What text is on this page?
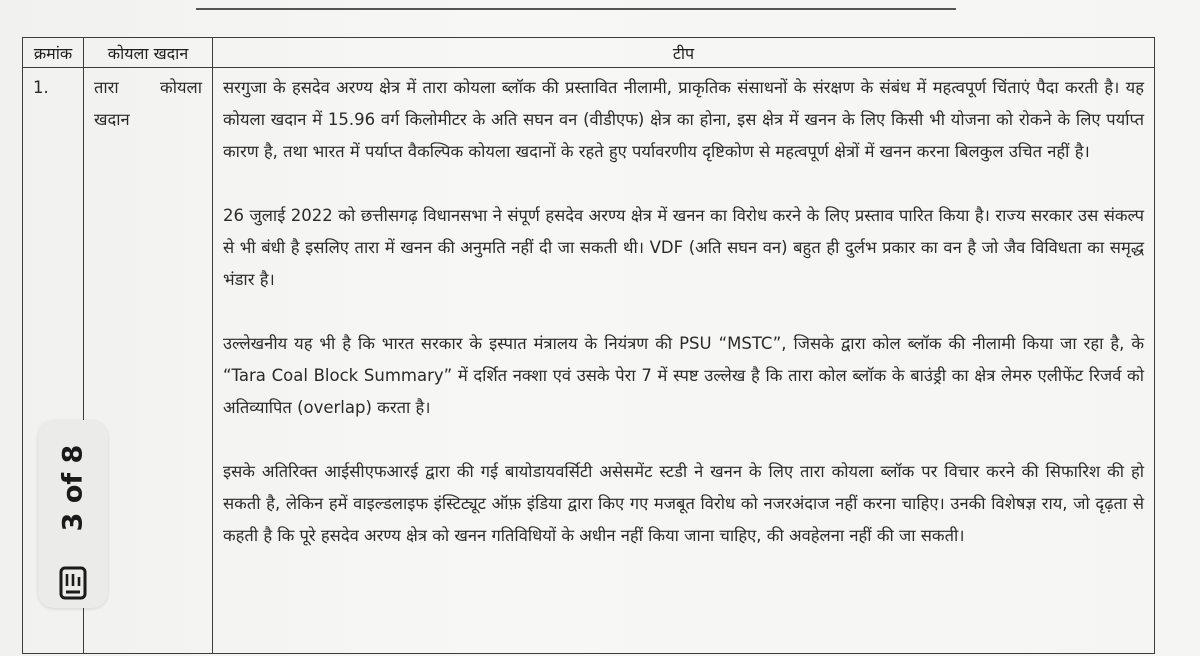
क्रमांक	कोयला खदान	टीप
1.	तारा कोयला खदान	सरगुजा के हसदेव अरण्य क्षेत्र में तारा कोयला ब्लॉक की प्रस्तावित नीलामी, प्राकृतिक संसाधनों के संरक्षण के संबंध में महत्वपूर्ण चिंताएं पैदा करती है। यह कोयला खदान में 15.96 वर्ग किलोमीटर के अति सघन वन (वीडीएफ) क्षेत्र का होना, इस क्षेत्र में खनन के लिए किसी भी योजना को रोकने के लिए पर्याप्त कारण है, तथा भारत में पर्याप्त वैकल्पिक कोयला खदानों के रहते हुए पर्यावरणीय दृष्टिकोण से महत्वपूर्ण क्षेत्रों में खनन करना बिलकुल उचित नहीं है।

26 जुलाई 2022 को छत्तीसगढ़ विधानसभा ने संपूर्ण हसदेव अरण्य क्षेत्र में खनन का विरोध करने के लिए प्रस्ताव पारित किया है। राज्य सरकार उस संकल्प से भी बंधी है इसलिए तारा में खनन की अनुमति नहीं दी जा सकती थी। VDF (अति सघन वन) बहुत ही दुर्लभ प्रकार का वन है जो जैव विविधता का समृद्ध भंडार है।

उल्लेखनीय यह भी है कि भारत सरकार के इस्पात मंत्रालय के नियंत्रण की PSU “MSTC”, जिसके द्वारा कोल ब्लॉक की नीलामी किया जा रहा है, के “Tara Coal Block Summary” में दर्शित नक्शा एवं उसके पेरा 7 में स्पष्ट उल्लेख है कि तारा कोल ब्लॉक के बाउंड्री का क्षेत्र लेमरु एलीफेंट रिजर्व को अतिव्यापित (overlap) करता है।

इसके अतिरिक्त आईसीएफआरई द्वारा की गई बायोडायवर्सिटी असेसमेंट स्टडी ने खनन के लिए तारा कोयला ब्लॉक पर विचार करने की सिफारिश की हो सकती है, लेकिन हमें वाइल्डलाइफ इंस्टिट्यूट ऑफ़ इंडिया द्वारा किए गए मजबूत विरोध को नजरअंदाज नहीं करना चाहिए। उनकी विशेषज्ञ राय, जो दृढ़ता से कहती है कि पूरे हसदेव अरण्य क्षेत्र को खनन गतिविधियों के अधीन नहीं किया जाना चाहिए, की अवहेलना नहीं की जा सकती।

3 of 8
